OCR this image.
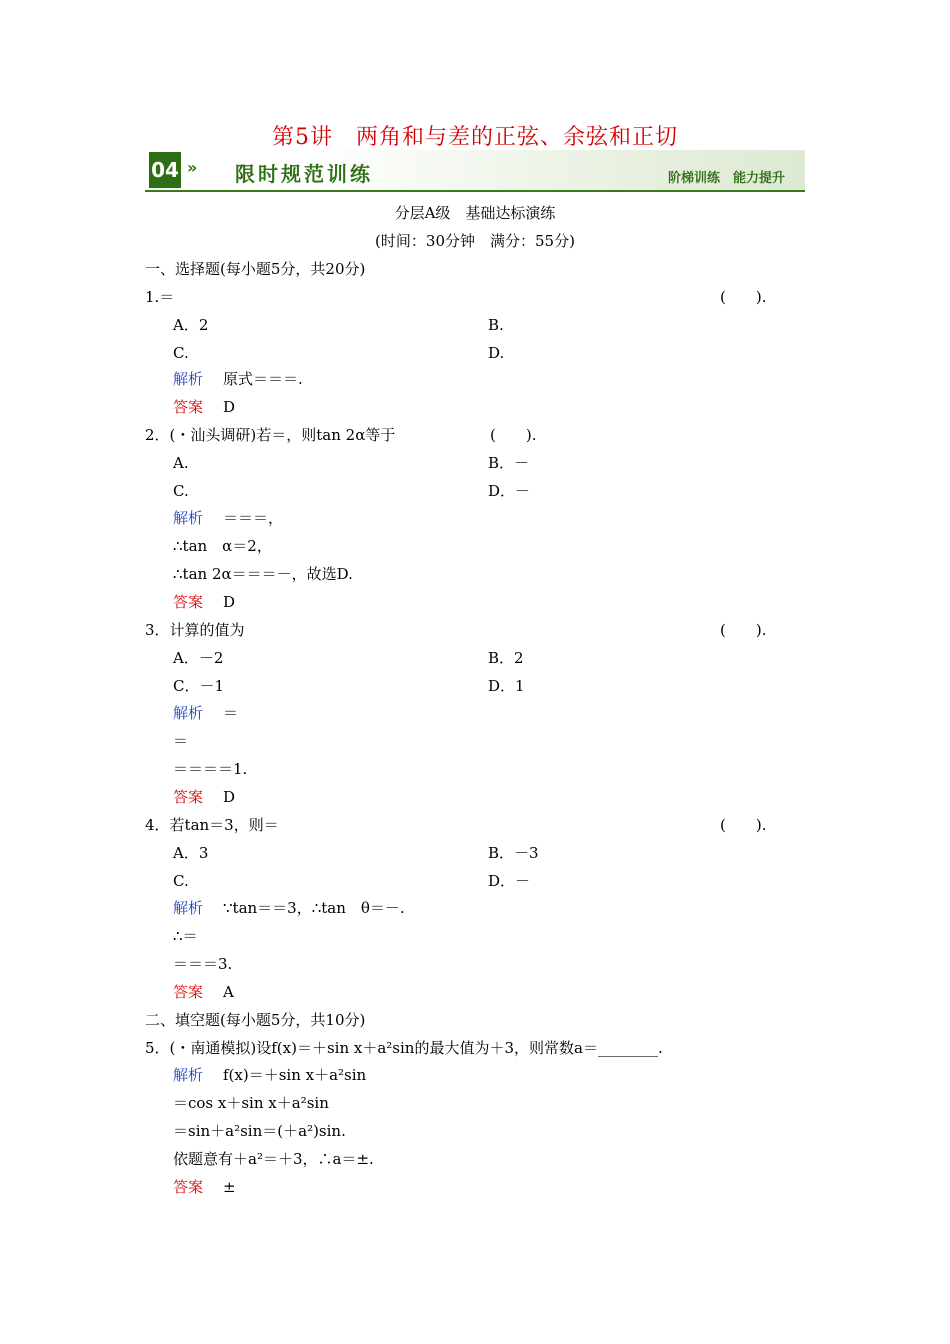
第5讲　两角和与差的正弦、余弦和正切
04 » 限时规范训练	阶梯训练　能力提升
分层A级　基础达标演练
(时间：30分钟　满分：55分)
一、选择题(每小题5分，共20分)
1.＝	(　　).
A．2	B.
C.	D.
解析 原式＝＝＝.
答案 D
2．(・汕头调研)若＝，则tan 2α等于	(　　).
A.	B．－
C.	D．－
解析 ＝＝＝，
∴tan　α＝2，
∴tan 2α＝＝＝－，故选D.
答案 D
3．计算的值为	(　　).
A．－2	B．2
C．－1	D．1
解析 ＝
＝
＝＝＝＝1.
答案 D
4．若tan＝3，则＝	(　　).
A．3	B．－3
C.	D．－
解析 ∵tan＝＝3，∴tan　θ＝－.
∴＝
＝＝＝3.
答案 A
二、填空题(每小题5分，共10分)
5．(・南通模拟)设f(x)＝＋sin x＋a²sin的最大值为＋3，则常数a＝________.
解析 f(x)＝＋sin x＋a²sin
＝cos x＋sin x＋a²sin
＝sin＋a²sin＝(＋a²)sin.
依题意有＋a²＝＋3，∴a＝±.
答案 ±
